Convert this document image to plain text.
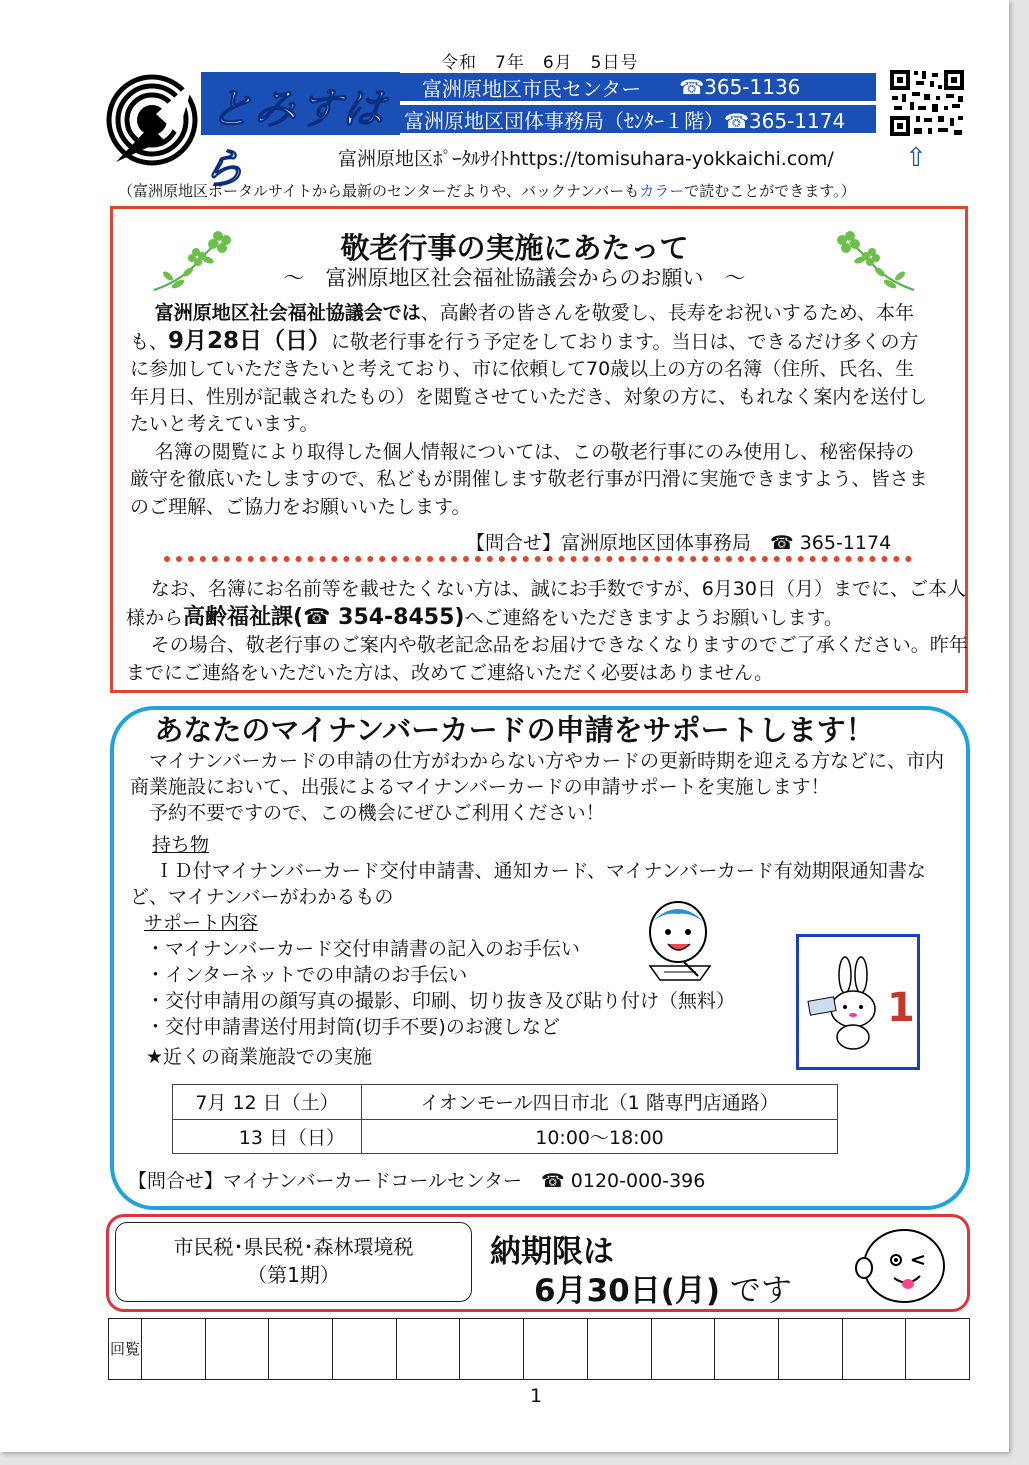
令和　7年　6月　5日号
とみすはら
富洲原地区市民センター ☎365-1136
富洲原地区団体事務局（ｾﾝﾀｰ１階）☎365-1174
富洲原地区ﾎﾟｰﾀﾙｻｲﾄhttps://tomisuhara-yokkaichi.com/	⇧
（富洲原地区ポータルサイトから最新のセンターだよりや、バックナンバーもカラーで読むことができます。）
敬老行事の実施にあたって
～　富洲原地区社会福祉協議会からのお願い　～
富洲原地区社会福祉協議会では、高齢者の皆さんを敬愛し、長寿をお祝いするため、本年も、9月28日（日）に敬老行事を行う予定をしております。当日は、できるだけ多くの方に参加していただきたいと考えており、市に依頼して70歳以上の方の名簿（住所、氏名、生年月日、性別が記載されたもの）を閲覧させていただき、対象の方に、もれなく案内を送付したいと考えています。
名簿の閲覧により取得した個人情報については、この敬老行事にのみ使用し、秘密保持の厳守を徹底いたしますので、私どもが開催します敬老行事が円滑に実施できますよう、皆さまのご理解、ご協力をお願いいたします。
【問合せ】富洲原地区団体事務局　☎ 365-1174
なお、名簿にお名前等を載せたくない方は、誠にお手数ですが、6月30日（月）までに、ご本人様から高齢福祉課(☎ 354-8455)へご連絡をいただきますようお願いします。
その場合、敬老行事のご案内や敬老記念品をお届けできなくなりますのでご了承ください。昨年までにご連絡をいただいた方は、改めてご連絡いただく必要はありません。
あなたのマイナンバーカードの申請をサポートします！
マイナンバーカードの申請の仕方がわからない方やカードの更新時期を迎える方などに、市内商業施設において、出張によるマイナンバーカードの申請サポートを実施します！
予約不要ですので、この機会にぜひご利用ください！
持ち物
ＩＤ付マイナンバーカード交付申請書、通知カード、マイナンバーカード有効期限通知書など、マイナンバーがわかるもの
サポート内容
・マイナンバーカード交付申請書の記入のお手伝い
・インターネットでの申請のお手伝い
・交付申請用の顔写真の撮影、印刷、切り抜き及び貼り付け（無料）
・交付申請書送付用封筒(切手不要)のお渡しなど
★近くの商業施設での実施
1
7月 12 日（土）	イオンモール四日市北（1 階専門店通路）
13 日（日）	10:00～18:00
【問合せ】マイナンバーカードコールセンター　☎ 0120-000-396
市民税･県民税･森林環境税
（第1期）
納期限は
6月30日(月) です
回覧													
1
